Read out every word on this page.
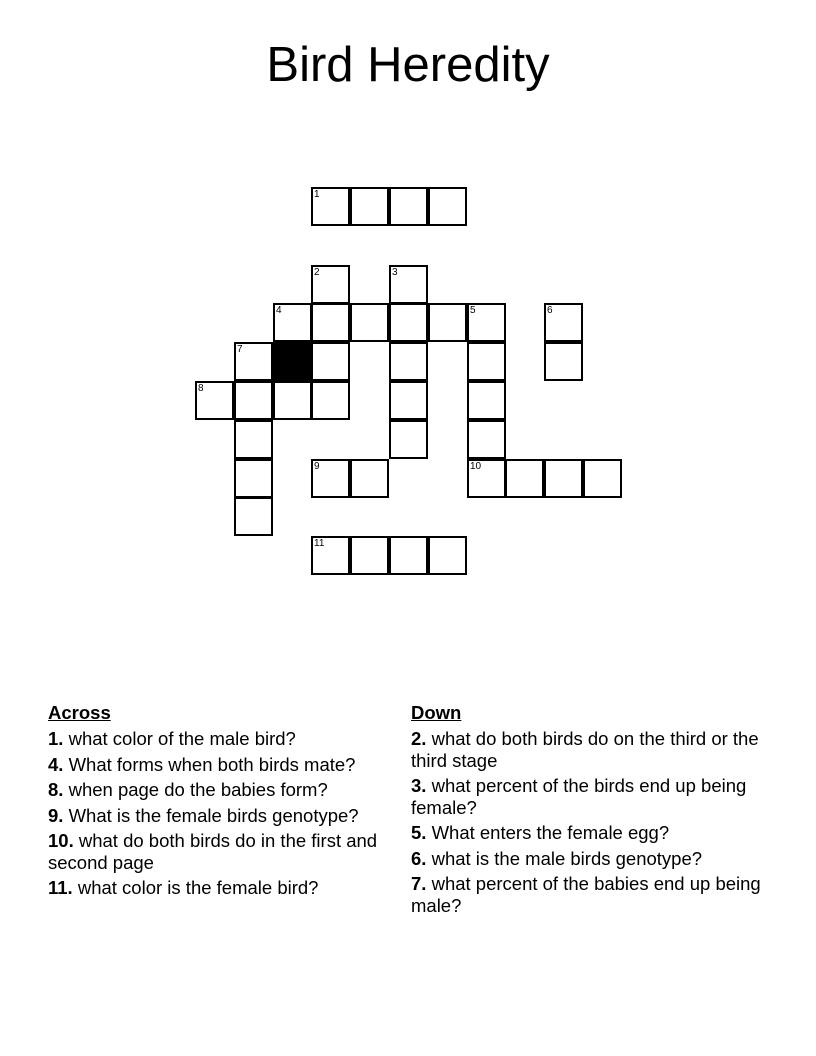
Bird Heredity
1
2	3
4	5	6
7
8
9	10
11
Across
1. what color of the male bird?
4. What forms when both birds mate?
8. when page do the babies form?
9. What is the female birds genotype?
10. what do both birds do in the first and second page
11. what color is the female bird?
Down
2. what do both birds do on the third or the third stage
3. what percent of the birds end up being female?
5. What enters the female egg?
6. what is the male birds genotype?
7. what percent of the babies end up being male?
